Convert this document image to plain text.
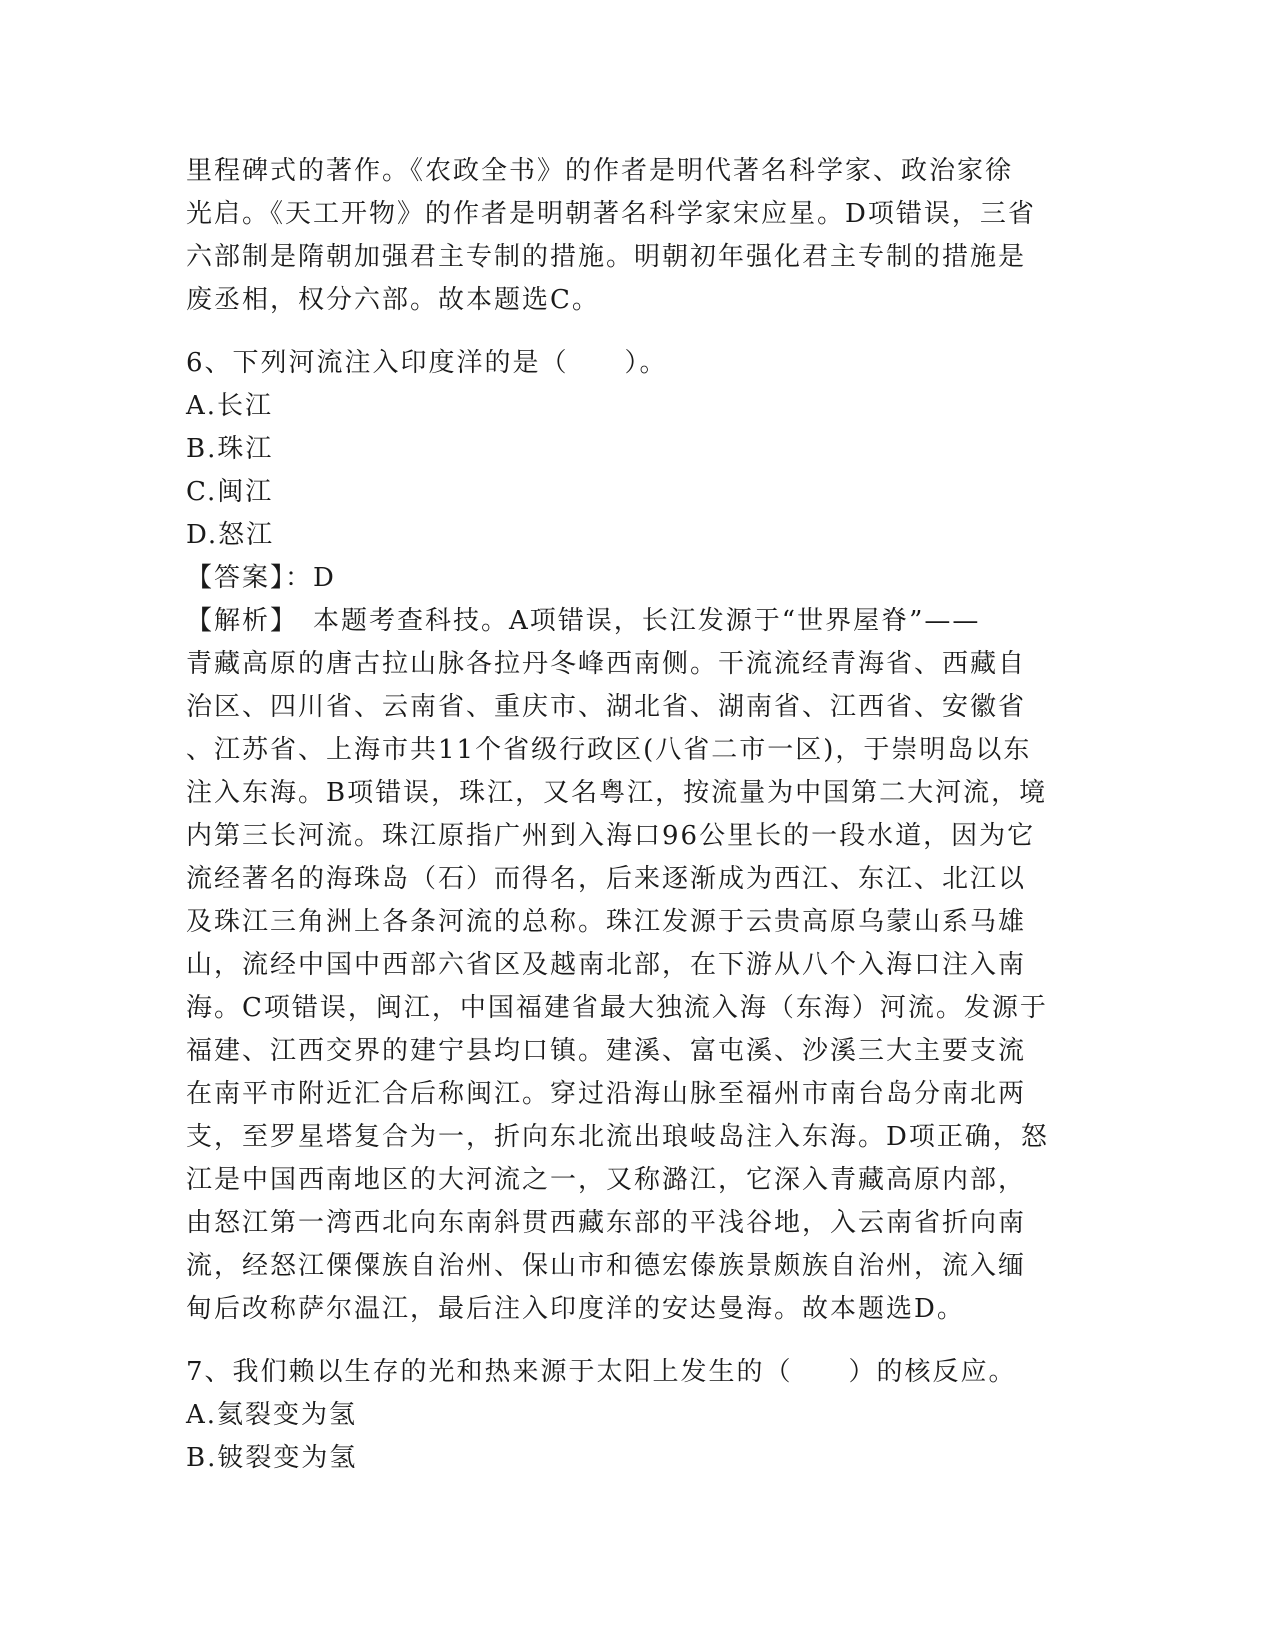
里程碑式的著作。《农政全书》的作者是明代著名科学家、政治家徐
光启。《天工开物》的作者是明朝著名科学家宋应星。D项错误，三省
六部制是隋朝加强君主专制的措施。明朝初年强化君主专制的措施是
废丞相，权分六部。故本题选C。
6、下列河流注入印度洋的是（　　）。
A.长江
B.珠江
C.闽江
D.怒江
【答案】：D
【解析】　本题考查科技。A项错误，长江发源于“世界屋脊”——
青藏高原的唐古拉山脉各拉丹冬峰西南侧。干流流经青海省、西藏自
治区、四川省、云南省、重庆市、湖北省、湖南省、江西省、安徽省
、江苏省、上海市共11个省级行政区(八省二市一区)，于崇明岛以东
注入东海。B项错误，珠江，又名粤江，按流量为中国第二大河流，境
内第三长河流。珠江原指广州到入海口96公里长的一段水道，因为它
流经著名的海珠岛（石）而得名，后来逐渐成为西江、东江、北江以
及珠江三角洲上各条河流的总称。珠江发源于云贵高原乌蒙山系马雄
山，流经中国中西部六省区及越南北部，在下游从八个入海口注入南
海。C项错误，闽江，中国福建省最大独流入海（东海）河流。发源于
福建、江西交界的建宁县均口镇。建溪、富屯溪、沙溪三大主要支流
在南平市附近汇合后称闽江。穿过沿海山脉至福州市南台岛分南北两
支，至罗星塔复合为一，折向东北流出琅岐岛注入东海。D项正确，怒
江是中国西南地区的大河流之一，又称潞江，它深入青藏高原内部，
由怒江第一湾西北向东南斜贯西藏东部的平浅谷地，入云南省折向南
流，经怒江傈僳族自治州、保山市和德宏傣族景颇族自治州，流入缅
甸后改称萨尔温江，最后注入印度洋的安达曼海。故本题选D。
7、我们赖以生存的光和热来源于太阳上发生的（　　）的核反应。
A.氦裂变为氢
B.铍裂变为氢
